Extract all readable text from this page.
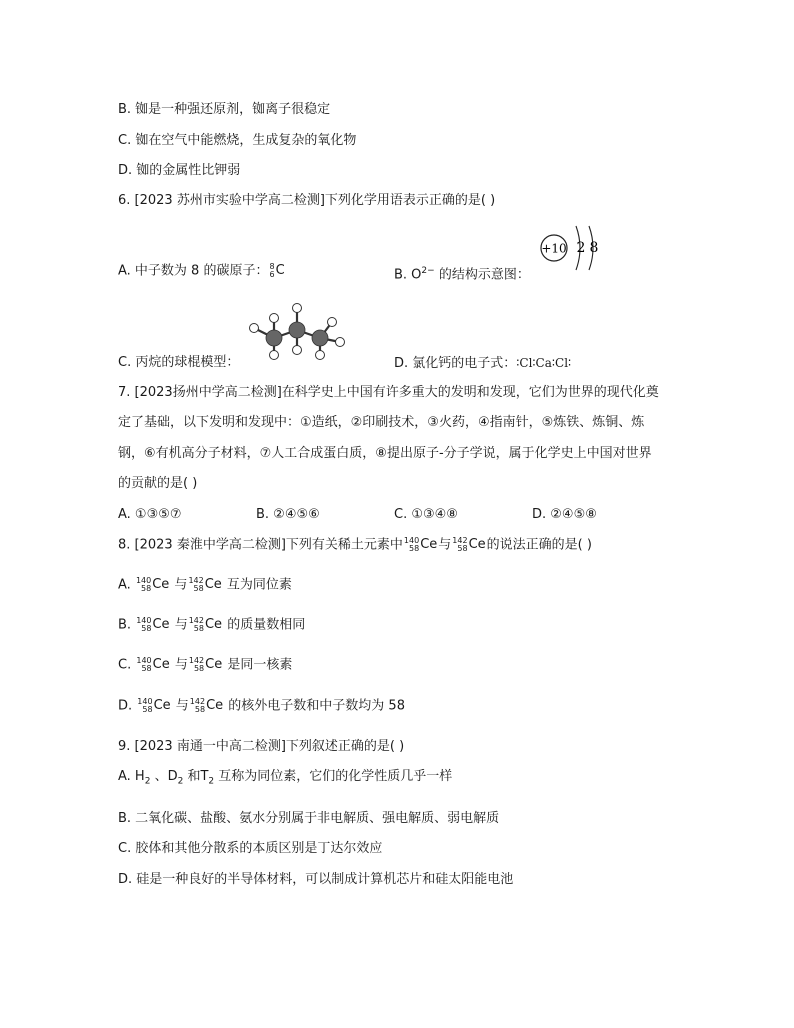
B. 铷是一种强还原剂，铷离子很稳定
C. 铷在空气中能燃烧，生成复杂的氧化物
D. 铷的金属性比钾弱
6. [2023 苏州市实验中学高二检测]下列化学用语表示正确的是( )
A. 中子数为 8 的碳原子： 8
6 C	B. $O^{2-}$ 的结构示意图：
+10 2 8
C. 丙烷的球棍模型：	D. 氯化钙的电子式：∶Cl∶Ca∶Cl∶
7. [2023扬州中学高二检测]在科学史上中国有许多重大的发明和发现，它们为世界的现代化奠
定了基础，以下发明和发现中：①造纸，②印刷技术，③火药，④指南针，⑤炼铁、炼铜、炼
钢，⑥有机高分子材料，⑦人工合成蛋白质，⑧提出原子-分子学说，属于化学史上中国对世界
的贡献的是( )
A. ①③⑤⑦	B. ②④⑤⑥	C. ①③④⑧	D. ②④⑤⑧
8. [2023 秦淮中学高二检测]下列有关稀土元素中 140
58 Ce 与 142
58 Ce 的说法正确的是( )
A. 140
58 Ce 与 142
58 Ce 互为同位素
B. 140
58 Ce 与 142
58 Ce 的质量数相同
C. 140
58 Ce 与 142
58 Ce 是同一核素
D. 140
58 Ce 与 142
58 Ce 的核外电子数和中子数均为 58
9. [2023 南通一中高二检测]下列叙述正确的是( )
A. $H_2$ 、$D_2$ 和$T_2$ 互称为同位素，它们的化学性质几乎一样
B. 二氧化碳、盐酸、氨水分别属于非电解质、强电解质、弱电解质
C. 胶体和其他分散系的本质区别是丁达尔效应
D. 硅是一种良好的半导体材料，可以制成计算机芯片和硅太阳能电池
